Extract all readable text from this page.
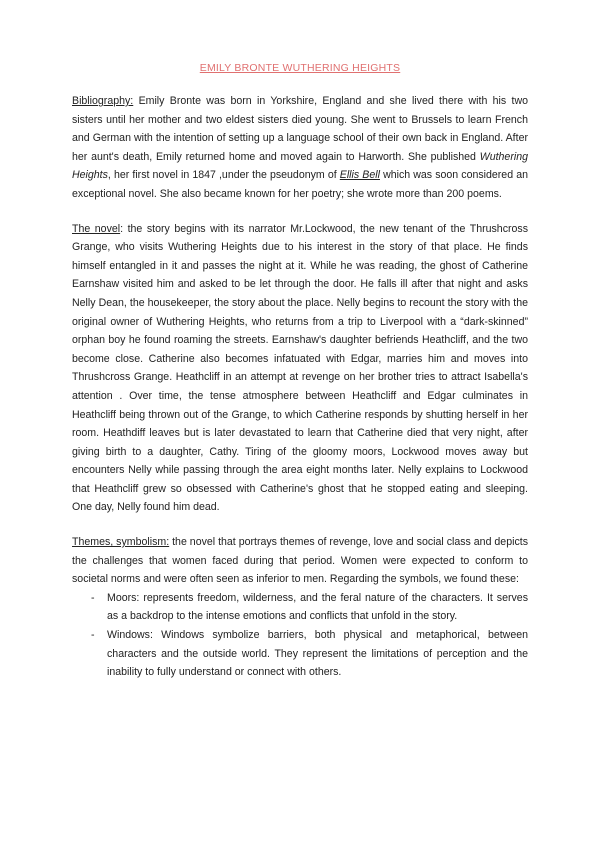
EMILY BRONTE WUTHERING HEIGHTS

Bibliography: Emily Bronte was born in Yorkshire, England and she lived there with his two sisters until her mother and two eldest sisters died young. She went to Brussels to learn French and German with the intention of setting up a language school of their own back in England. After her aunt's death, Emily returned home and moved again to Harworth. She published Wuthering Heights, her first novel in 1847 ,under the pseudonym of Ellis Bell which was soon considered an exceptional novel. She also became known for her poetry; she wrote more than 200 poems.

The novel: the story begins with its narrator Mr.Lockwood, the new tenant of the Thrushcross Grange, who visits Wuthering Heights due to his interest in the story of that place. He finds himself entangled in it and passes the night at it. While he was reading, the ghost of Catherine Earnshaw visited him and asked to be let through the door. He falls ill after that night and asks Nelly Dean, the housekeeper, the story about the place. Nelly begins to recount the story with the original owner of Wuthering Heights, who returns from a trip to Liverpool with a “dark-skinned” orphan boy he found roaming the streets. Earnshaw's daughter befriends Heathcliff, and the two become close. Catherine also becomes infatuated with Edgar, marries him and moves into Thrushcross Grange. Heathcliff in an attempt at revenge on her brother tries to attract Isabella's attention . Over time, the tense atmosphere between Heathcliff and Edgar culminates in Heathcliff being thrown out of the Grange, to which Catherine responds by shutting herself in her room. Heathdiff leaves but is later devastated to learn that Catherine died that very night, after giving birth to a daughter, Cathy. Tiring of the gloomy moors, Lockwood moves away but encounters Nelly while passing through the area eight months later. Nelly explains to Lockwood that Heathcliff grew so obsessed with Catherine's ghost that he stopped eating and sleeping. One day, Nelly found him dead.

Themes, symbolism: the novel that portrays themes of revenge, love and social class and depicts the challenges that women faced during that period. Women were expected to conform to societal norms and were often seen as inferior to men. Regarding the symbols, we found these:

- Moors: represents freedom, wilderness, and the feral nature of the characters. It serves as a backdrop to the intense emotions and conflicts that unfold in the story.
- Windows: Windows symbolize barriers, both physical and metaphorical, between characters and the outside world. They represent the limitations of perception and the inability to fully understand or connect with others.
